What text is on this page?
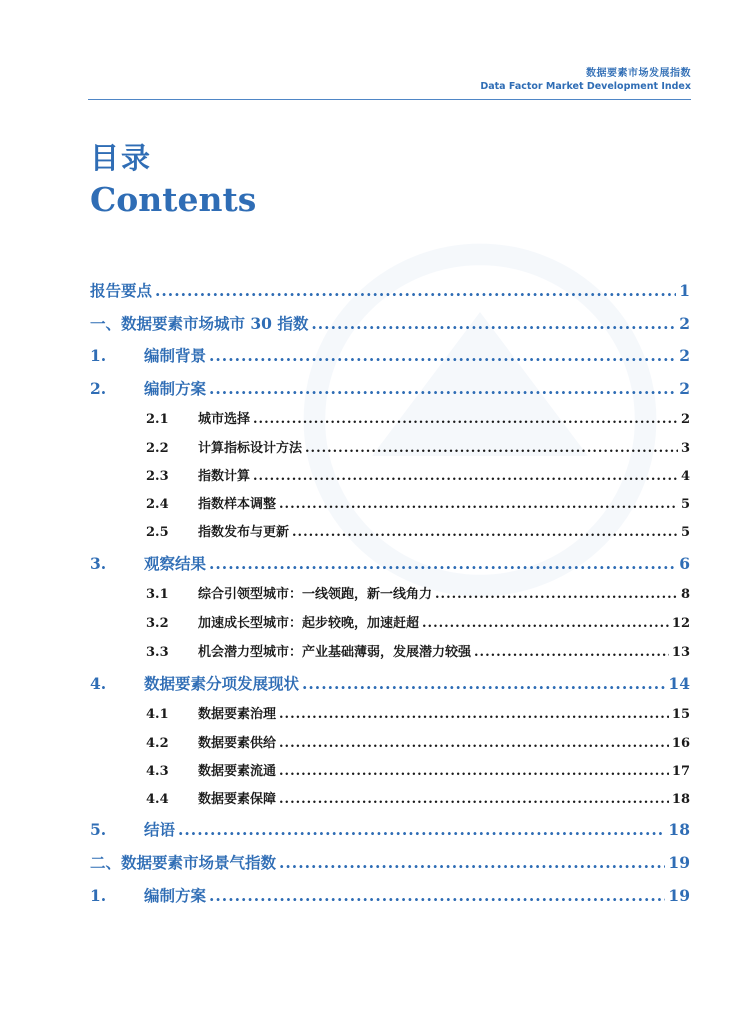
数据要素市场发展指数
Data Factor Market Development Index
目录
Contents
报告要点 .....	1
一、数据要素市场城市 30 指数 .....	2
1.	编制背景 .....	2
2.	编制方案 .....	2
2.1	城市选择 .....	2
2.2	计算指标设计方法 .....	3
2.3	指数计算 .....	4
2.4	指数样本调整 .....	5
2.5	指数发布与更新 .....	5
3.	观察结果 .....	6
3.1	综合引领型城市：一线领跑，新一线角力 .....	8
3.2	加速成长型城市：起步较晚，加速赶超 .....	12
3.3	机会潜力型城市：产业基础薄弱，发展潜力较强 .....	13
4.	数据要素分项发展现状 .....	14
4.1	数据要素治理 .....	15
4.2	数据要素供给 .....	16
4.3	数据要素流通 .....	17
4.4	数据要素保障 .....	18
5.	结语 .....	18
二、数据要素市场景气指数 .....	19
1.	编制方案 .....	19
